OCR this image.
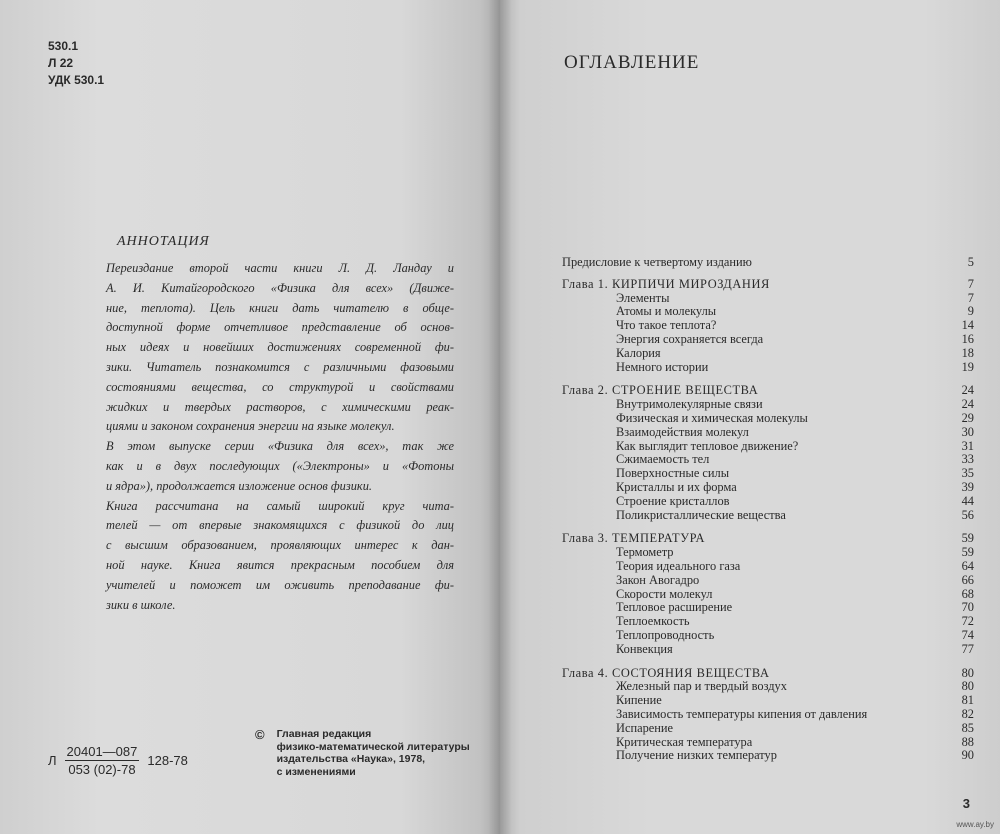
530.1
Л 22
УДК 530.1
АННОТАЦИЯ

Переиздание второй части книги Л. Д. Ландау и
А. И. Китайгородского «Физика для всех» (Движе-
ние, теплота). Цель книги дать читателю в обще-
доступной форме отчетливое представление об основ-
ных идеях и новейших достижениях современной фи-
зики. Читатель познакомится с различными фазовыми
состояниями вещества, со структурой и свойствами
жидких и твердых растворов, с химическими реак-
циями и законом сохранения энергии на языке молекул.

В этом выпуске серии «Физика для всех», так же
как и в двух последующих («Электроны» и «Фотоны
и ядра»), продолжается изложение основ физики.

Книга рассчитана на самый широкий круг чита-
телей — от впервые знакомящихся с физикой до лиц
с высшим образованием, проявляющих интерес к дан-
ной науке. Книга явится прекрасным пособием для
учителей и поможет им оживить преподавание фи-
зики в школе.

Л $\frac{20401—087}{053 (02)-78} 128-78$
© Главная редакция
физико-математической литературы
издательства «Наука», 1978,
с изменениями
ОГЛАВЛЕНИЕ
Предисловие к четвертому изданию	5
Глава 1. КИРПИЧИ МИРОЗДАНИЯ	7
Элементы	7
Атомы и молекулы	9
Что такое теплота?	14
Энергия сохраняется всегда	16
Калория	18
Немного истории	19
Глава 2. СТРОЕНИЕ ВЕЩЕСТВА	24
Внутримолекулярные связи	24
Физическая и химическая молекулы	29
Взаимодействия молекул	30
Как выглядит тепловое движение?	31
Сжимаемость тел	33
Поверхностные силы	35
Кристаллы и их форма	39
Строение кристаллов	44
Поликристаллические вещества	56
Глава 3. ТЕМПЕРАТУРА	59
Термометр	59
Теория идеального газа	64
Закон Авогадро	66
Скорости молекул	68
Тепловое расширение	70
Теплоемкость	72
Теплопроводность	74
Конвекция	77
Глава 4. СОСТОЯНИЯ ВЕЩЕСТВА	80
Железный пар и твердый воздух	80
Кипение	81
Зависимость температуры кипения от давления	82
Испарение	85
Критическая температура	88
Получение низких температур	90
3
www.ay.by
